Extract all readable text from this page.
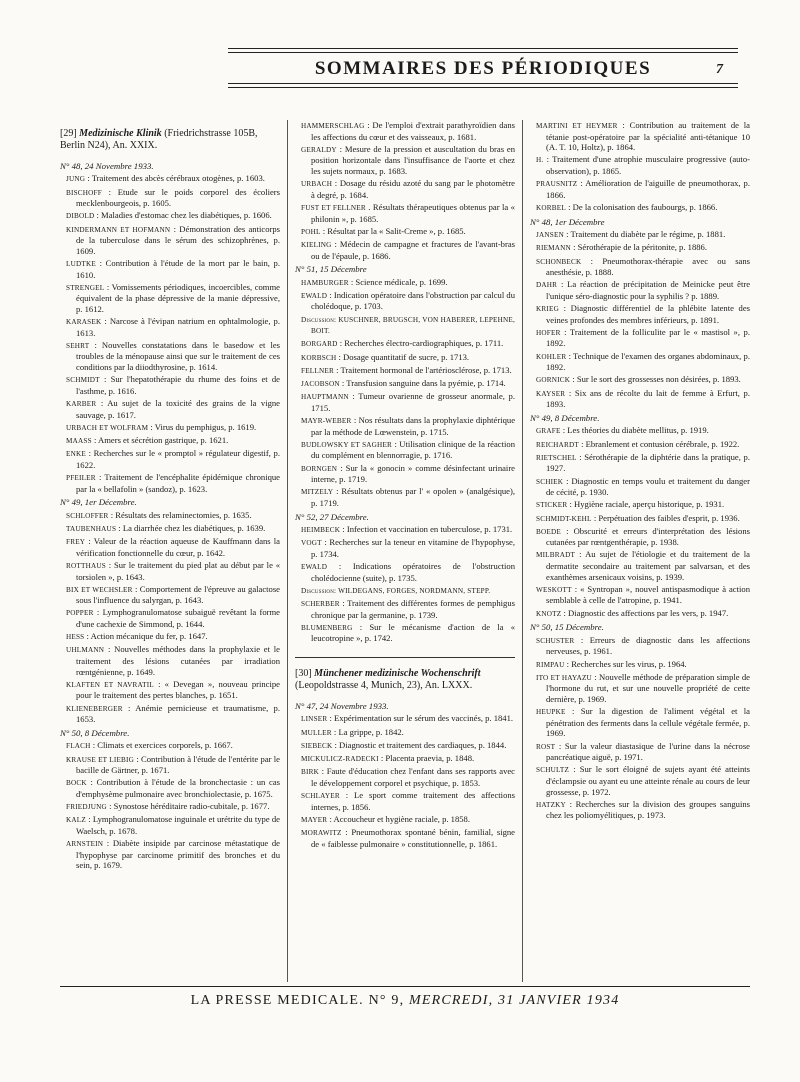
SOMMAIRES DES PÉRIODIQUES	7
[29] Medizinische Klinik (Friedrichstrasse 105B, Berlin N24), An. XXIX.
N° 48, 24 Novembre 1933.
JUNG : Traitement des abcès cérébraux otogènes, p. 1603.
BISCHOFF : Etude sur le poids corporel des écoliers mecklenbourgeois, p. 1605.
DIBOLD : Maladies d'estomac chez les diabétiques, p. 1606.
KINDERMANN ET HOFMANN : Démonstration des anticorps de la tuberculose dans le sérum des schizophrènes, p. 1609.
LUDTKE : Contribution à l'étude de la mort par le bain, p. 1610.
STRENGEL : Vomissements périodiques, incoercibles, comme équivalent de la phase dépressive de la manie dépressive, p. 1612.
KARASEK : Narcose à l'évipan natrium en ophtalmologie, p. 1613.
SEHRT : Nouvelles constatations dans le basedow et les troubles de la ménopause ainsi que sur le traitement de ces conditions par la diiodthyrosine, p. 1614.
SCHMIDT : Sur l'hepatothérapie du rhume des foins et de l'asthme, p. 1616.
KARBER : Au sujet de la toxicité des grains de la vigne sauvage, p. 1617.
URBACH ET WOLFRAM : Virus du pemphigus, p. 1619.
MAASS : Amers et sécrétion gastrique, p. 1621.
ENKE : Recherches sur le « promptol » régulateur digestif, p. 1622.
PFEILER : Traitement de l'encéphalite épidémique chronique par la « bellafolin » (sandoz), p. 1623.
N° 49, 1er Décembre.
SCHLOFFER : Résultats des relaminectomies, p. 1635.
TAUBENHAUS : La diarrhée chez les diabétiques, p. 1639.
FREY : Valeur de la réaction aqueuse de Kauffmann dans la vérification fonctionnelle du cœur, p. 1642.
ROTTHAUS : Sur le traitement du pied plat au début par le « torsiolen », p. 1643.
BIX ET WECHSLER : Comportement de l'épreuve au galactose sous l'influence du salyrgan, p. 1643.
POPPER : Lymphogranulomatose subaiguë revêtant la forme d'une cachexie de Simmond, p. 1644.
HESS : Action mécanique du fer, p. 1647.
UHLMANN : Nouvelles méthodes dans la prophylaxie et le traitement des lésions cutanées par irradiation rœntgénienne, p. 1649.
KLAFTEN ET NAVRATIL : « Devegan », nouveau principe pour le traitement des pertes blanches, p. 1651.
KLIENEBERGER : Anémie pernicieuse et traumatisme, p. 1653.
N° 50, 8 Décembre.
FLACH : Climats et exercices corporels, p. 1667.
KRAUSE ET LIEBIG : Contribution à l'étude de l'entérite par le bacille de Gärtner, p. 1671.
BOCK : Contribution à l'étude de la bronchectasie : un cas d'emphysème pulmonaire avec bronchiolectasie, p. 1675.
FRIEDJUNG : Synostose héréditaire radio-cubitale, p. 1677.
KALZ : Lymphogranulomatose inguinale et urétrite du type de Waelsch, p. 1678.
ARNSTEIN : Diabète insipide par carcinose métastatique de l'hypophyse par carcinome primitif des bronches et du sein, p. 1679.
HAMMERSCHLAG : De l'emploi d'extrait parathyroïdien dans les affections du cœur et des vaisseaux, p. 1681.
GERALDY : Mesure de la pression et auscultation du bras en position horizontale dans l'insuffisance de l'aorte et chez les sujets normaux, p. 1683.
URBACH : Dosage du résidu azoté du sang par le photomètre à degré, p. 1684.
FUST ET FELLNER . Résultats thérapeutiques obtenus par la « philonin », p. 1685.
POHL : Résultat par la « Salit-Creme », p. 1685.
KIELING : Médecin de campagne et fractures de l'avant-bras ou de l'épaule, p. 1686.
N° 51, 15 Décembre
HAMBURGER : Science médicale, p. 1699.
EWALD : Indication opératoire dans l'obstruction par calcul du cholédoque, p. 1703.
Discussion: KUSCHNER, BRUGSCH, VON HABERER, LEPEHNE, BOIT.
BORGARD : Recherches électro-cardiographiques, p. 1711.
KORBSCH : Dosage quantitatif de sucre, p. 1713.
FELLNER : Traitement hormonal de l'artériosclérose, p. 1713.
JACOBSON : Transfusion sanguine dans la pyémie, p. 1714.
HAUPTMANN : Tumeur ovarienne de grosseur anormale, p. 1715.
MAYR-WEBER : Nos résultats dans la prophylaxie diphtérique par la méthode de Lœwenstein, p. 1715.
BUDLOWSKY ET SAGHER : Utilisation clinique de la réaction du complément en blennorragie, p. 1716.
BORNGEN : Sur la « gonocin » comme désinfectant urinaire interne, p. 1719.
MITZELY : Résultats obtenus par l' « opolen » (analgésique), p. 1719.
N° 52, 27 Décembre.
HEIMBECK : Infection et vaccination en tuberculose, p. 1731.
VOGT : Recherches sur la teneur en vitamine de l'hypophyse, p. 1734.
EWALD : Indications opératoires de l'obstruction cholédocienne (suite), p. 1735.
Discussion: WILDEGANS, FORGES, NORDMANN, STEPP.
SCHERBER : Traitement des différentes formes de pemphigus chronique par la germanine, p. 1739.
BLUMENBERG : Sur le mécanisme d'action de la « leucotropine », p. 1742.
[30] Münchener medizinische Wochenschrift (Leopoldstrasse 4, Munich, 23), An. LXXX.
N° 47, 24 Novembre 1933.
LINSER : Expérimentation sur le sérum des vaccinés, p. 1841.
MULLER : La grippe, p. 1842.
SIEBECK : Diagnostic et traitement des cardiaques, p. 1844.
MICKULICZ-RADECKI : Placenta praevia, p. 1848.
BIRK : Faute d'éducation chez l'enfant dans ses rapports avec le développement corporel et psychique, p. 1853.
SCHLAYER : Le sport comme traitement des affections internes, p. 1856.
MAYER : Accoucheur et hygiène raciale, p. 1858.
MORAWITZ : Pneumothorax spontané bénin, familial, signe de « faiblesse pulmonaire » constitutionnelle, p. 1861.
MARTINI ET HEYMER : Contribution au traitement de la tétanie post-opératoire par la spécialité anti-tétanique 10 (A. T. 10, Holtz), p. 1864.
H. : Traitement d'une atrophie musculaire progressive (auto-observation), p. 1865.
PRAUSNITZ : Amélioration de l'aiguille de pneumothorax, p. 1866.
KORBEL : De la colonisation des faubourgs, p. 1866.
N° 48, 1er Décembre
JANSEN : Traitement du diabète par le régime, p. 1881.
RIEMANN : Sérothérapie de la péritonite, p. 1886.
SCHONBECK : Pneumothorax-thérapie avec ou sans anesthésie, p. 1888.
DAHR : La réaction de précipitation de Meinicke peut être l'unique séro-diagnostic pour la syphilis ? p. 1889.
KRIEG : Diagnostic différentiel de la phlébite latente des veines profondes des membres inférieurs, p. 1891.
HOFER : Traitement de la folliculite par le « mastisol », p. 1892.
KOHLER : Technique de l'examen des organes abdominaux, p. 1892.
GORNICK : Sur le sort des grossesses non désirées, p. 1893.
KAYSER : Six ans de récolte du lait de femme à Erfurt, p. 1893.
N° 49, 8 Décembre.
GRAFE : Les théories du diabète mellitus, p. 1919.
REICHARDT : Ebranlement et contusion cérébrale, p. 1922.
RIETSCHEL : Sérothérapie de la diphtérie dans la pratique, p. 1927.
SCHIEK : Diagnostic en temps voulu et traitement du danger de cécité, p. 1930.
STICKER : Hygiène raciale, aperçu historique, p. 1931.
SCHMIDT-KEHL : Perpétuation des faibles d'esprit, p. 1936.
BOEDE : Obscurité et erreurs d'interprétation des lésions cutanées par rœntgenthérapie, p. 1938.
MILBRADT : Au sujet de l'étiologie et du traitement de la dermatite secondaire au traitement par salvarsan, et des exanthèmes arsenicaux voisins, p. 1939.
WESKOTT : « Syntropan », nouvel antispasmodique à action semblable à celle de l'atropine, p. 1941.
KNOTZ : Diagnostic des affections par les vers, p. 1947.
N° 50, 15 Décembre.
SCHUSTER : Erreurs de diagnostic dans les affections nerveuses, p. 1961.
RIMPAU : Recherches sur les virus, p. 1964.
ITO ET HAYAZU : Nouvelle méthode de préparation simple de l'hormone du rut, et sur une nouvelle propriété de cette dernière, p. 1969.
HEUPKE : Sur la digestion de l'aliment végétal et la pénétration des ferments dans la cellule végétale fermée, p. 1969.
ROST : Sur la valeur diastasique de l'urine dans la nécrose pancréatique aiguë, p. 1971.
SCHULTZ : Sur le sort éloigné de sujets ayant été atteints d'éclampsie ou ayant eu une atteinte rénale au cours de leur grossesse, p. 1972.
HATZKY : Recherches sur la division des groupes sanguins chez les poliomyélitiques, p. 1973.
LA PRESSE MEDICALE. N° 9, MERCREDI, 31 JANVIER 1934
